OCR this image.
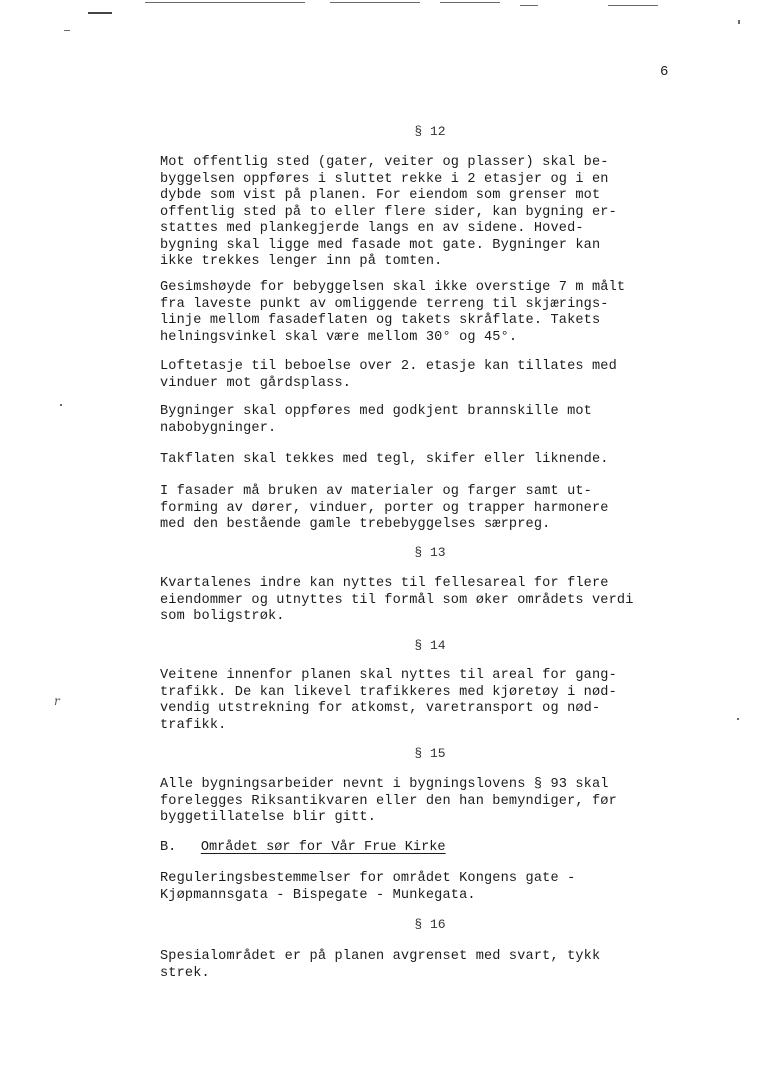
6
r

§ 12

Mot offentlig sted (gater, veiter og plasser) skal be-
byggelsen oppføres i sluttet rekke i 2 etasjer og i en
dybde som vist på planen. For eiendom som grenser mot
offentlig sted på to eller flere sider, kan bygning er-
stattes med plankegjerde langs en av sidene. Hoved-
bygning skal ligge med fasade mot gate. Bygninger kan
ikke trekkes lenger inn på tomten.

Gesimshøyde for bebyggelsen skal ikke overstige 7 m målt
fra laveste punkt av omliggende terreng til skjærings-
linje mellom fasadeflaten og takets skråflate. Takets
helningsvinkel skal være mellom 30° og 45°.

Loftetasje til beboelse over 2. etasje kan tillates med
vinduer mot gårdsplass.

Bygninger skal oppføres med godkjent brannskille mot
nabobygninger.

Takflaten skal tekkes med tegl, skifer eller liknende.

I fasader må bruken av materialer og farger samt ut-
forming av dører, vinduer, porter og trapper harmonere
med den bestående gamle trebebyggelses særpreg.

§ 13

Kvartalenes indre kan nyttes til fellesareal for flere
eiendommer og utnyttes til formål som øker områdets verdi
som boligstrøk.

§ 14

Veitene innenfor planen skal nyttes til areal for gang-
trafikk. De kan likevel trafikkeres med kjøretøy i nød-
vendig utstrekning for atkomst, varetransport og nød-
trafikk.

§ 15

Alle bygningsarbeider nevnt i bygningslovens § 93 skal
forelegges Riksantikvaren eller den han bemyndiger, før
byggetillatelse blir gitt.

B. Området sør for Vår Frue Kirke

Reguleringsbestemmelser for området Kongens gate -
Kjøpmannsgata - Bispegate - Munkegata.

§ 16

Spesialområdet er på planen avgrenset med svart, tykk
strek.
